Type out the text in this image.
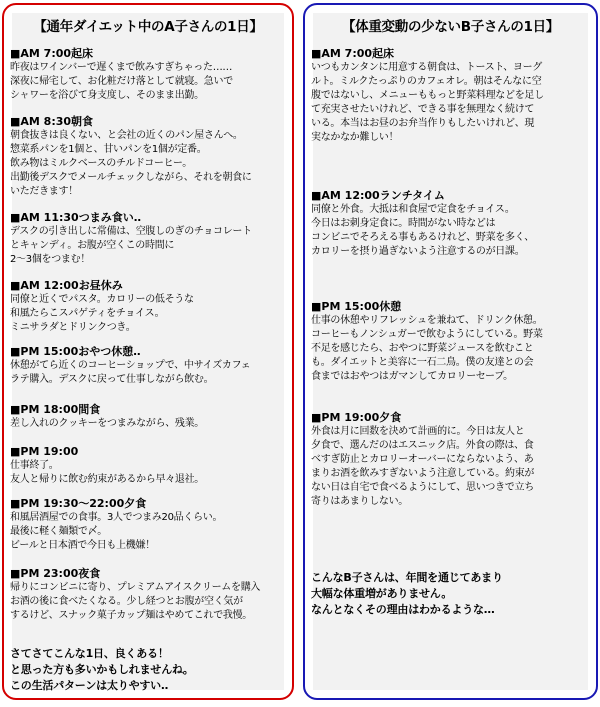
【通年ダイエット中のA子さんの1日】
■AM 7:00起床
昨夜はワインバーで遅くまで飲みすぎちゃった……
深夜に帰宅して、お化粧だけ落として就寝。急いで
シャワーを浴びて身支度し、そのまま出勤。
■AM 8:30朝食
朝食抜きは良くない、と会社の近くのパン屋さんへ。
惣菜系パンを1個と、甘いパンを1個が定番。
飲み物はミルクベースのチルドコーヒー。
出勤後デスクでメールチェックしながら、それを朝食に
いただきます！
■AM 11:30つまみ食い‥
デスクの引き出しに常備は、空腹しのぎのチョコレート
とキャンディ。お腹が空くこの時間に
2～3個をつまむ！
■AM 12:00お昼休み
同僚と近くでパスタ。カロリーの低そうな
和風たらこスパゲティをチョイス。
ミニサラダとドリンクつき。
■PM 15:00おやつ休憩‥
休憩がてら近くのコーヒーショップで、中サイズカフェ
ラテ購入。デスクに戻って仕事しながら飲む。
■PM 18:00間食
差し入れのクッキーをつまみながら、残業。
■PM 19:00
仕事終了。
友人と帰りに飲む約束があるから早々退社。
■PM 19:30～22:00夕食
和風居酒屋での食事。3人でつまみ20品くらい。
最後に軽く麺類で〆。
ビールと日本酒で今日も上機嫌！
■PM 23:00夜食
帰りにコンビニに寄り、プレミアムアイスクリームを購入
お酒の後に食べたくなる。少し経つとお腹が空く気が
するけど、スナック菓子カップ麺はやめてこれで我慢。
さてさてこんな1日、良くある！
と思った方も多いかもしれませんね。
この生活パターンは太りやすい‥
【体重変動の少ないB子さんの1日】
■AM 7:00起床
いつもカンタンに用意する朝食は、トースト、ヨーグ
ルト。ミルクたっぷりのカフェオレ。朝はそんなに空
腹ではないし、メニューももっと野菜料理などを足し
て充実させたいけれど、できる事を無理なく続けて
いる。本当はお昼のお弁当作りもしたいけれど、現
実なかなか難しい！
■AM 12:00ランチタイム
同僚と外食。大抵は和食屋で定食をチョイス。
今日はお刺身定食に。時間がない時などは
コンビニでそろえる事もあるけれど、野菜を多く、
カロリーを摂り過ぎないよう注意するのが日課。
■PM 15:00休憩
仕事の休憩やリフレッシュを兼ねて、ドリンク休憩。
コーヒーもノンシュガーで飲むようにしている。野菜
不足を感じたら、おやつに野菜ジュースを飲むこと
も。ダイエットと美容に一石二鳥。僕の友達との会
食まではおやつはガマンしてカロリーセーブ。
■PM 19:00夕食
外食は月に回数を決めて計画的に。今日は友人と
夕食で、選んだのはエスニック店。外食の際は、食
べすぎ防止とカロリーオーバーにならないよう、あ
まりお酒を飲みすぎないよう注意している。約束が
ない日は自宅で食べるようにして、思いつきで立ち
寄りはあまりしない。
こんなB子さんは、年間を通じてあまり
大幅な体重増がありません。
なんとなくその理由はわかるような…
